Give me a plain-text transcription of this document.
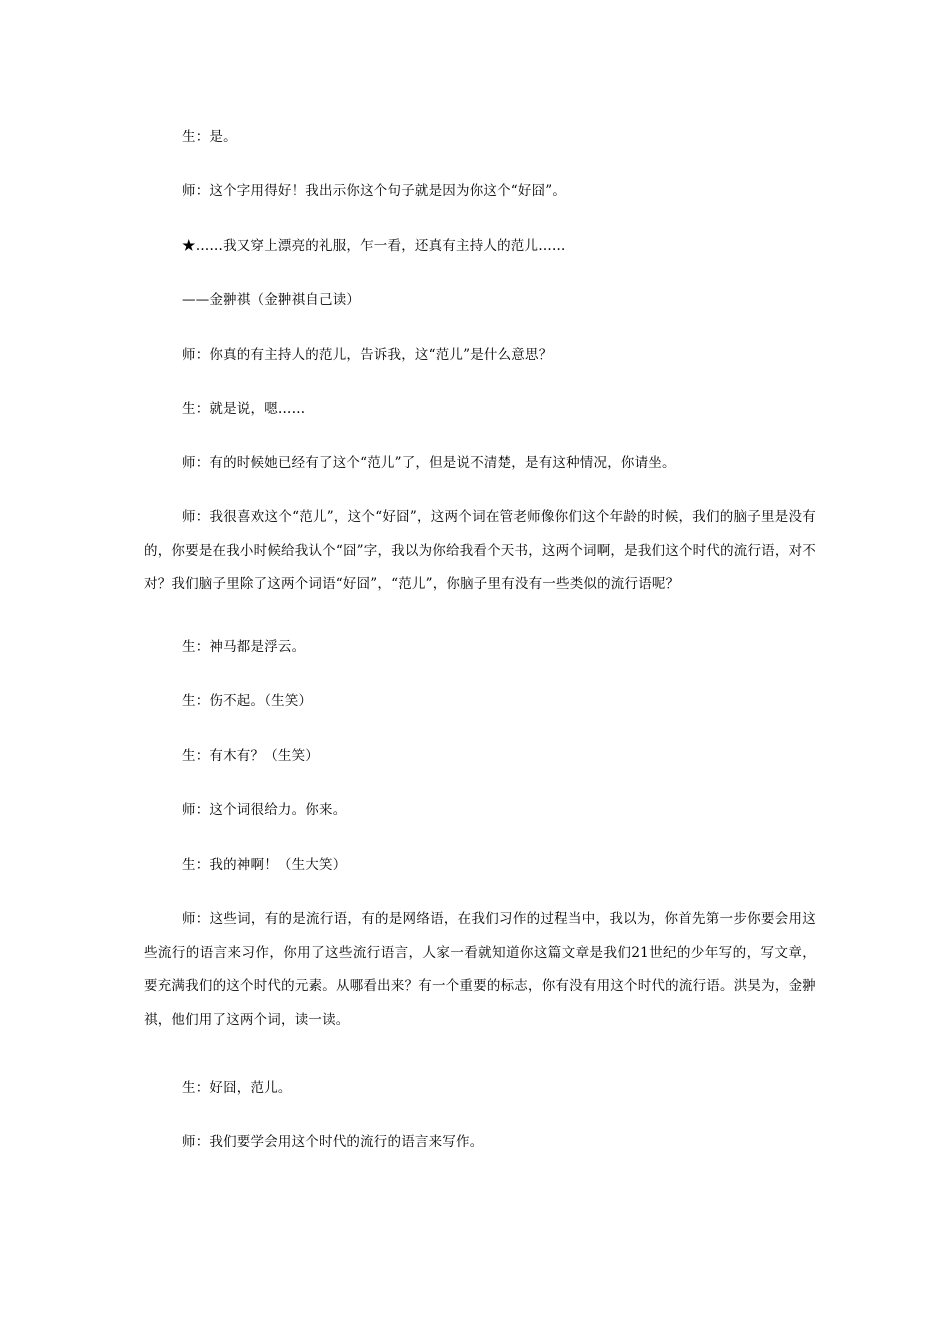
生：是。
师：这个字用得好！我出示你这个句子就是因为你这个“好囧”。
★……我又穿上漂亮的礼服，乍一看，还真有主持人的范儿……
——金翀祺（金翀祺自己读）
师：你真的有主持人的范儿，告诉我，这“范儿”是什么意思？
生：就是说，嗯……
师：有的时候她已经有了这个“范儿”了，但是说不清楚，是有这种情况，你请坐。
师：我很喜欢这个“范儿”，这个“好囧”，这两个词在管老师像你们这个年龄的时候，我们的脑子里是没有的，你要是在我小时候给我认个“囧”字，我以为你给我看个天书，这两个词啊，是我们这个时代的流行语，对不对？我们脑子里除了这两个词语“好囧”，“范儿”，你脑子里有没有一些类似的流行语呢？
生：神马都是浮云。
生：伤不起。（生笑）
生：有木有？（生笑）
师：这个词很给力。你来。
生：我的神啊！（生大笑）
师：这些词，有的是流行语，有的是网络语，在我们习作的过程当中，我以为，你首先第一步你要会用这些流行的语言来习作，你用了这些流行语言，人家一看就知道你这篇文章是我们21世纪的少年写的，写文章，要充满我们的这个时代的元素。从哪看出来？有一个重要的标志，你有没有用这个时代的流行语。洪昊为，金翀祺，他们用了这两个词，读一读。
生：好囧，范儿。
师：我们要学会用这个时代的流行的语言来写作。
